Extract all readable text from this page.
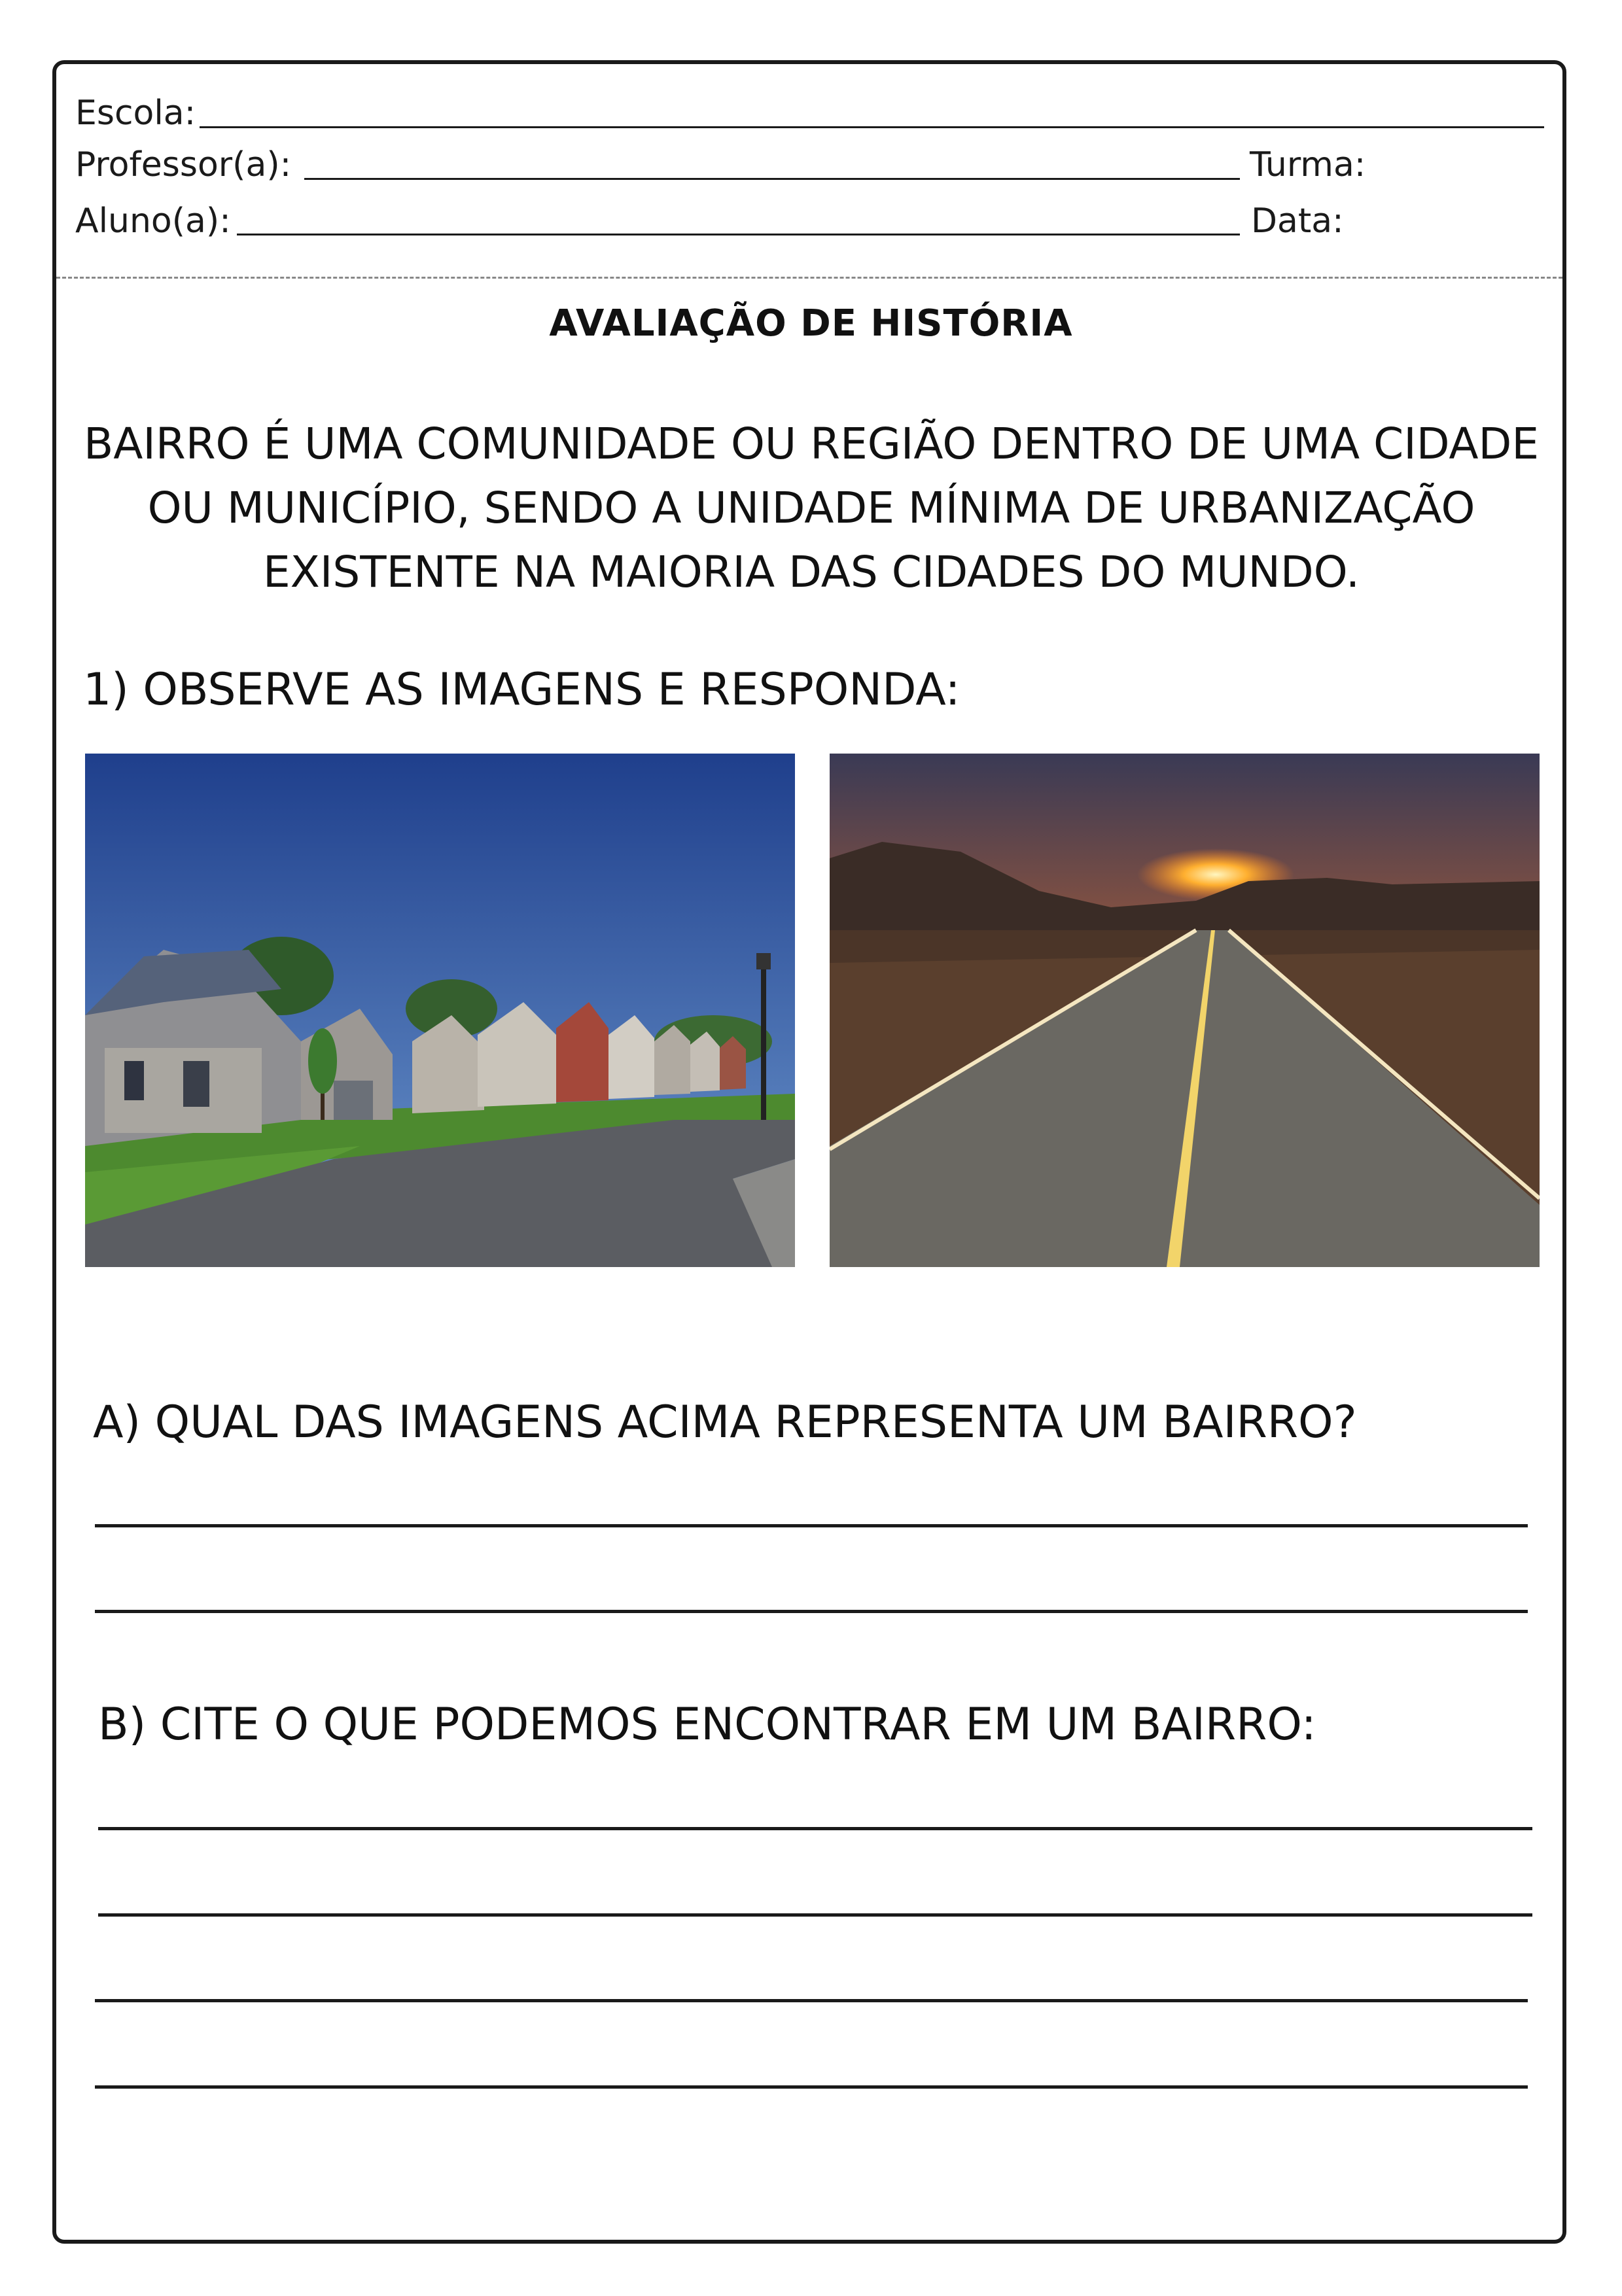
Escola:
Professor(a):	Turma:
Aluno(a):	Data:
AVALIAÇÃO DE HISTÓRIA
BAIRRO É UMA COMUNIDADE OU REGIÃO DENTRO DE UMA CIDADE OU MUNICÍPIO, SENDO A UNIDADE MÍNIMA DE URBANIZAÇÃO EXISTENTE NA MAIORIA DAS CIDADES DO MUNDO.
1) OBSERVE AS IMAGENS E RESPONDA:
A) QUAL DAS IMAGENS ACIMA REPRESENTA UM BAIRRO?
B) CITE O QUE PODEMOS ENCONTRAR EM UM BAIRRO:
